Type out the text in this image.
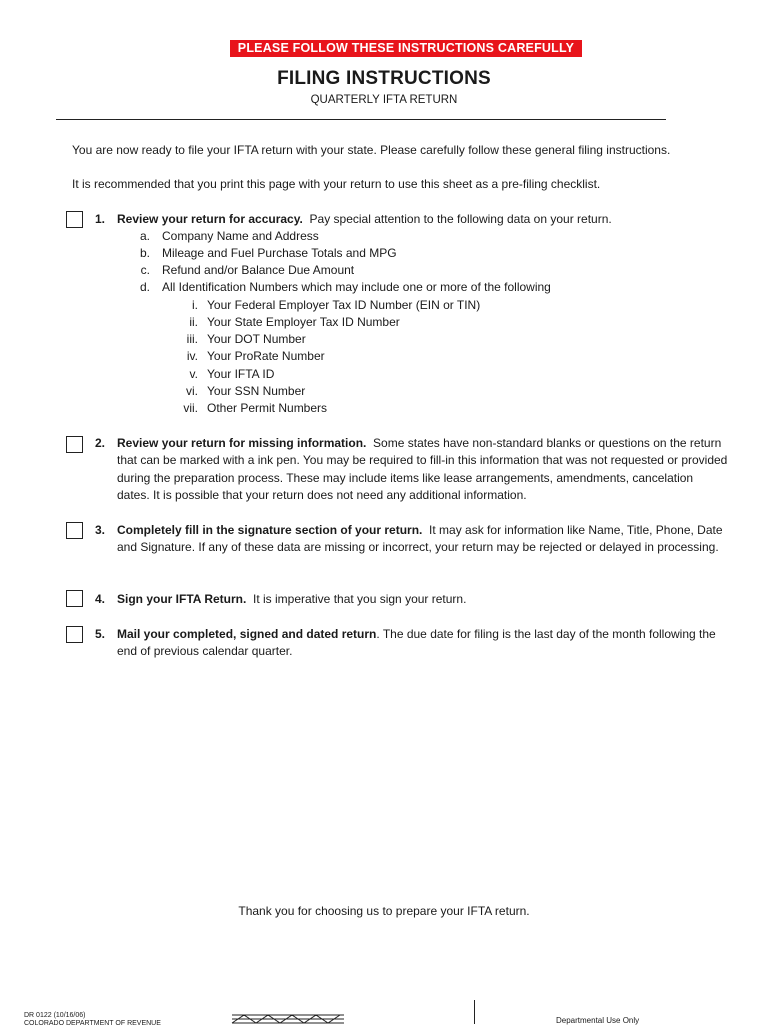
PLEASE FOLLOW THESE INSTRUCTIONS CAREFULLY
FILING INSTRUCTIONS
QUARTERLY IFTA RETURN
You are now ready to file your IFTA return with your state. Please carefully follow these general filing instructions.
It is recommended that you print this page with your return to use this sheet as a pre-filing checklist.
1. Review your return for accuracy. Pay special attention to the following data on your return.
a. Company Name and Address
b. Mileage and Fuel Purchase Totals and MPG
c. Refund and/or Balance Due Amount
d. All Identification Numbers which may include one or more of the following
i. Your Federal Employer Tax ID Number (EIN or TIN)
ii. Your State Employer Tax ID Number
iii. Your DOT Number
iv. Your ProRate Number
v. Your IFTA ID
vi. Your SSN Number
vii. Other Permit Numbers
2. Review your return for missing information. Some states have non-standard blanks or questions on the return that can be marked with a ink pen. You may be required to fill-in this information that was not requested or provided during the preparation process. These may include items like lease arrangements, amendments, cancelation dates. It is possible that your return does not need any additional information.
3. Completely fill in the signature section of your return. It may ask for information like Name, Title, Phone, Date and Signature. If any of these data are missing or incorrect, your return may be rejected or delayed in processing.
4. Sign your IFTA Return. It is imperative that you sign your return.
5. Mail your completed, signed and dated return. The due date for filing is the last day of the month following the end of previous calendar quarter.
Thank you for choosing us to prepare your IFTA return.
DR 0122 (10/16/06)
COLORADO DEPARTMENT OF REVENUE	Departmental Use Only
